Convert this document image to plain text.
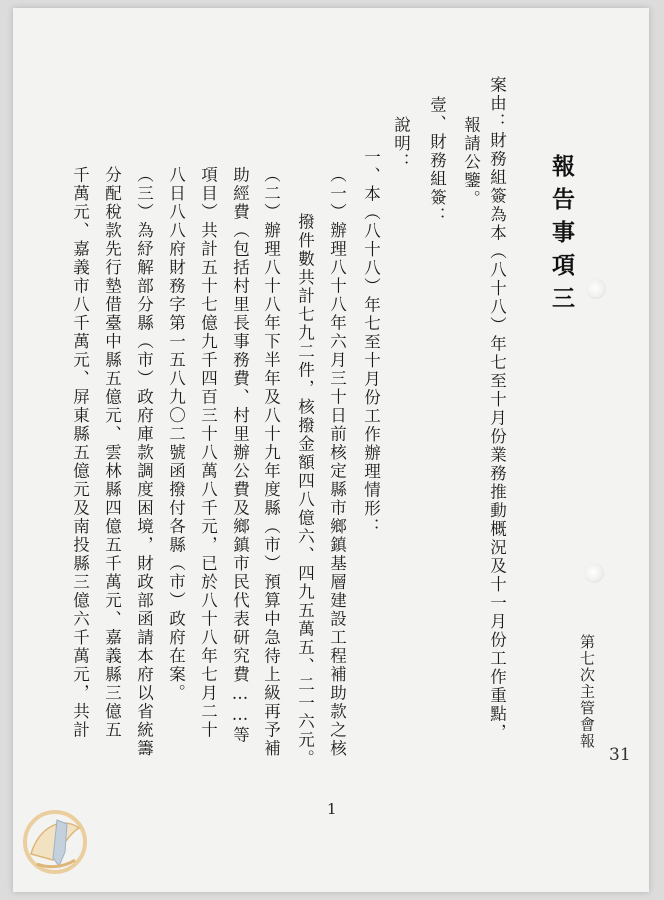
報告事項三
第七次主管會報
案由：財務組簽為本（八十八）年七至十月份業務推動概況及十一月份工作重點，
報請公鑒。
壹、財務組簽：
說明：
一、本（八十八）年七至十月份工作辦理情形：
（一）辦理八十八年六月三十日前核定縣市鄉鎮基層建設工程補助款之核
撥件數共計七九二件，核撥金額四八億六、四九五萬五、二一六元。
（二）辦理八十八年下半年及八十九年度縣（市）預算中急待上級再予補
助經費（包括村里長事務費、村里辦公費及鄉鎮市民代表研究費……等
項目）共計五十七億九千四百三十八萬八千元，已於八十八年七月二十
八日八八府財務字第一五八九〇二號函撥付各縣（市）政府在案。
（三）為紓解部分縣（市）政府庫款調度困境，財政部函請本府以省統籌
分配稅款先行墊借臺中縣五億元、雲林縣四億五千萬元、嘉義縣三億五
千萬元、嘉義市八千萬元、屏東縣五億元及南投縣三億六千萬元，共計
31
1
